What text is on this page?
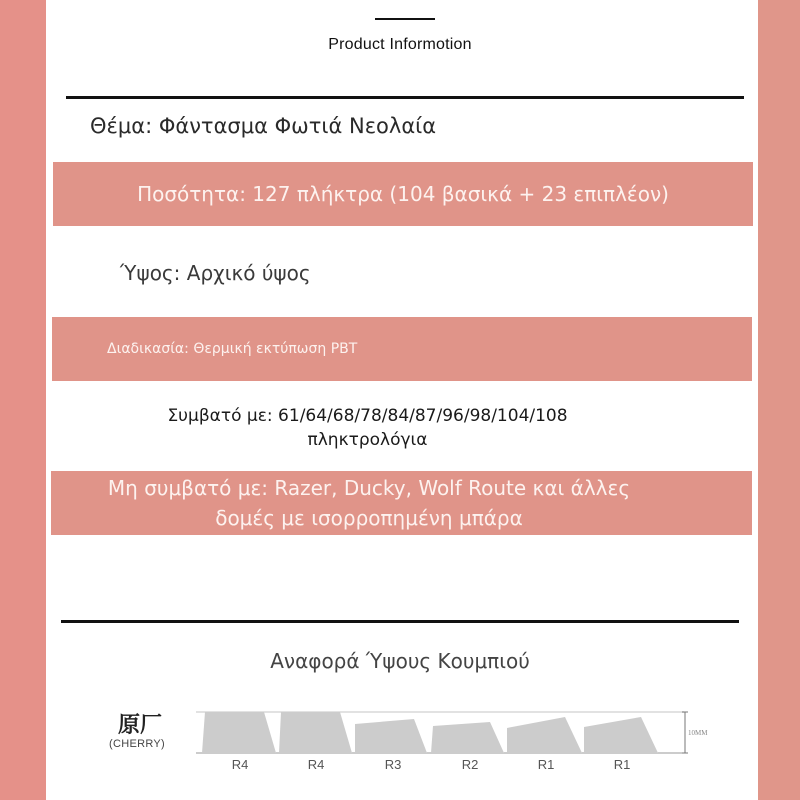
Product Informotion
Θέμα: Φάντασμα Φωτιά Νεολαία
Ποσότητα: 127 πλήκτρα (104 βασικά + 23 επιπλέον)
Ύψος: Αρχικό ύψος
Διαδικασία: Θερμική εκτύπωση PBT
Συμβατό με: 61/64/68/78/84/87/96/98/104/108
πληκτρολόγια
Μη συμβατό με: Razer, Ducky, Wolf Route και άλλες
δομές με ισορροπημένη μπάρα
Αναφορά Ύψους Κουμπιού
原厂
(CHERRY)
10MM
R4	R4	R3	R2	R1	R1
